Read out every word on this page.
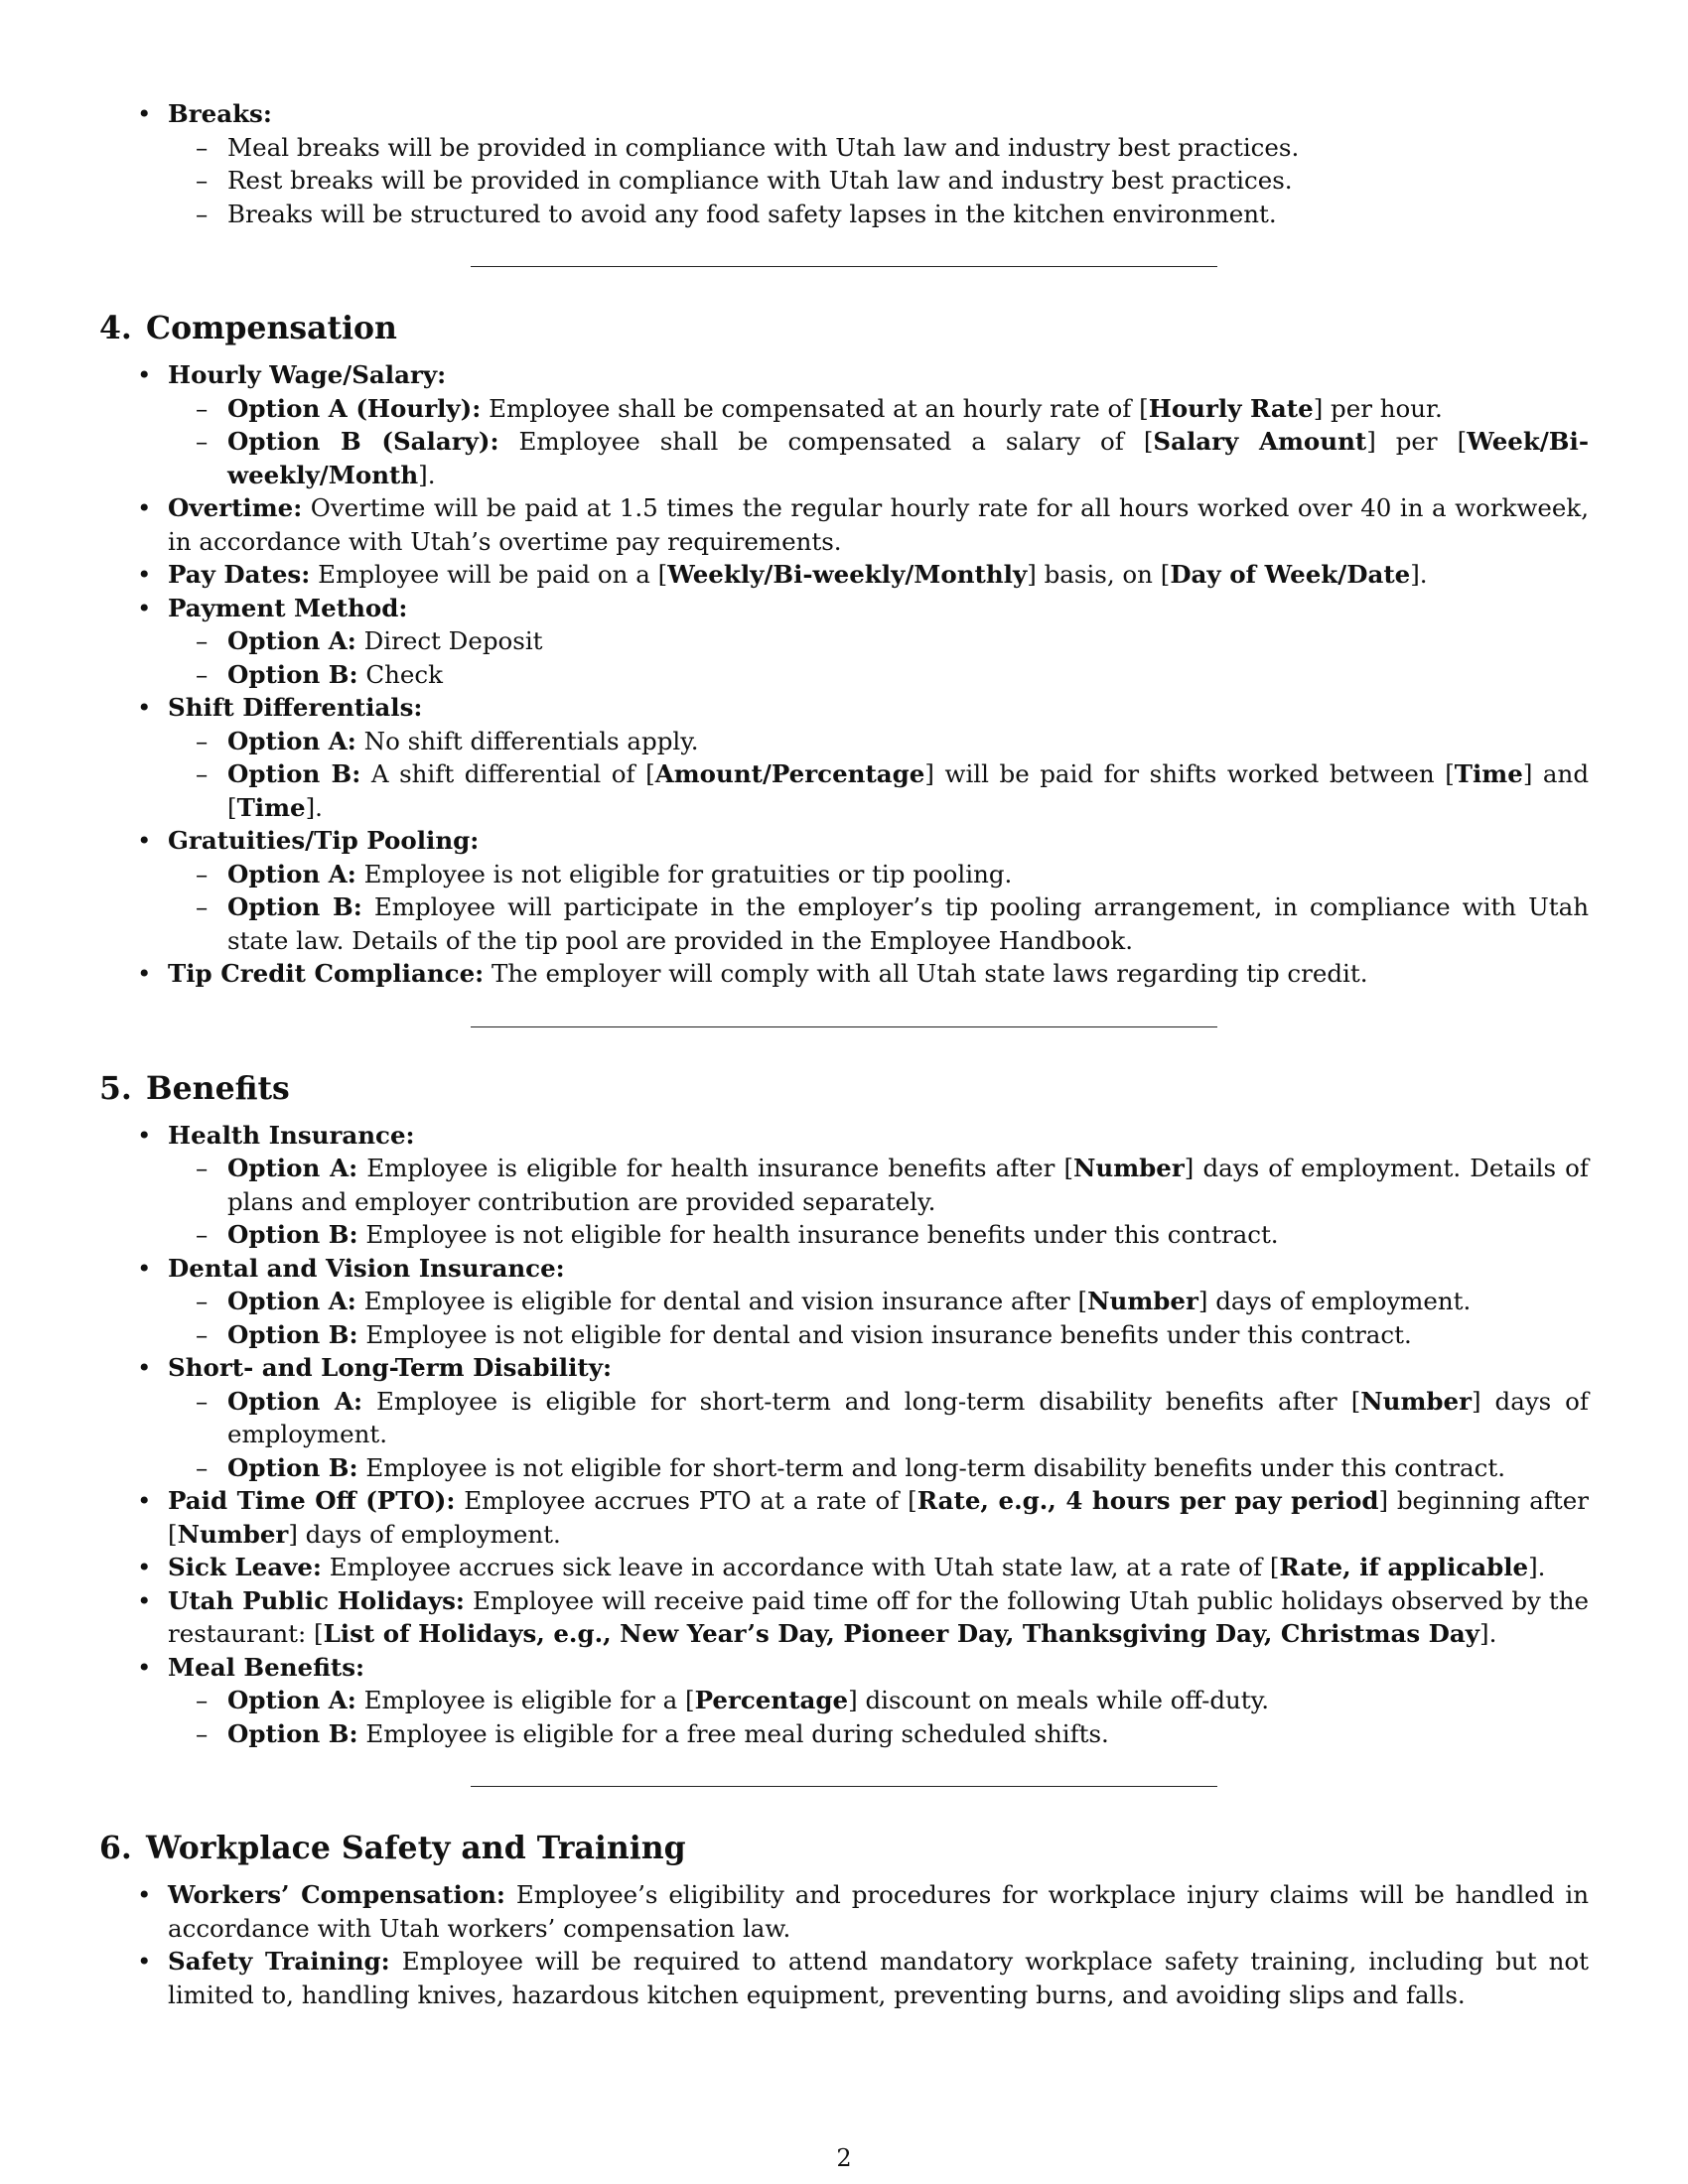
• Breaks:
– Meal breaks will be provided in compliance with Utah law and industry best practices.
– Rest breaks will be provided in compliance with Utah law and industry best practices.
– Breaks will be structured to avoid any food safety lapses in the kitchen environment.
4. Compensation
• Hourly Wage/Salary:
– Option A (Hourly): Employee shall be compensated at an hourly rate of [Hourly Rate] per hour.
– Option B (Salary): Employee shall be compensated a salary of [Salary Amount] per [Week/Bi-weekly/Month].
• Overtime: Overtime will be paid at 1.5 times the regular hourly rate for all hours worked over 40 in a workweek, in accordance with Utah’s overtime pay requirements.
• Pay Dates: Employee will be paid on a [Weekly/Bi-weekly/Monthly] basis, on [Day of Week/Date].
• Payment Method:
– Option A: Direct Deposit
– Option B: Check
• Shift Differentials:
– Option A: No shift differentials apply.
– Option B: A shift differential of [Amount/Percentage] will be paid for shifts worked between [Time] and [Time].
• Gratuities/Tip Pooling:
– Option A: Employee is not eligible for gratuities or tip pooling.
– Option B: Employee will participate in the employer’s tip pooling arrangement, in compliance with Utah state law. Details of the tip pool are provided in the Employee Handbook.
• Tip Credit Compliance: The employer will comply with all Utah state laws regarding tip credit.
5. Benefits
• Health Insurance:
– Option A: Employee is eligible for health insurance benefits after [Number] days of employment. Details of plans and employer contribution are provided separately.
– Option B: Employee is not eligible for health insurance benefits under this contract.
• Dental and Vision Insurance:
– Option A: Employee is eligible for dental and vision insurance after [Number] days of employment.
– Option B: Employee is not eligible for dental and vision insurance benefits under this contract.
• Short- and Long-Term Disability:
– Option A: Employee is eligible for short-term and long-term disability benefits after [Number] days of employment.
– Option B: Employee is not eligible for short-term and long-term disability benefits under this contract.
• Paid Time Off (PTO): Employee accrues PTO at a rate of [Rate, e.g., 4 hours per pay period] beginning after [Number] days of employment.
• Sick Leave: Employee accrues sick leave in accordance with Utah state law, at a rate of [Rate, if applicable].
• Utah Public Holidays: Employee will receive paid time off for the following Utah public holidays observed by the restaurant: [List of Holidays, e.g., New Year’s Day, Pioneer Day, Thanksgiving Day, Christmas Day].
• Meal Benefits:
– Option A: Employee is eligible for a [Percentage] discount on meals while off-duty.
– Option B: Employee is eligible for a free meal during scheduled shifts.
6. Workplace Safety and Training
• Workers’ Compensation: Employee’s eligibility and procedures for workplace injury claims will be handled in accordance with Utah workers’ compensation law.
• Safety Training: Employee will be required to attend mandatory workplace safety training, including but not limited to, handling knives, hazardous kitchen equipment, preventing burns, and avoiding slips and falls.
2
